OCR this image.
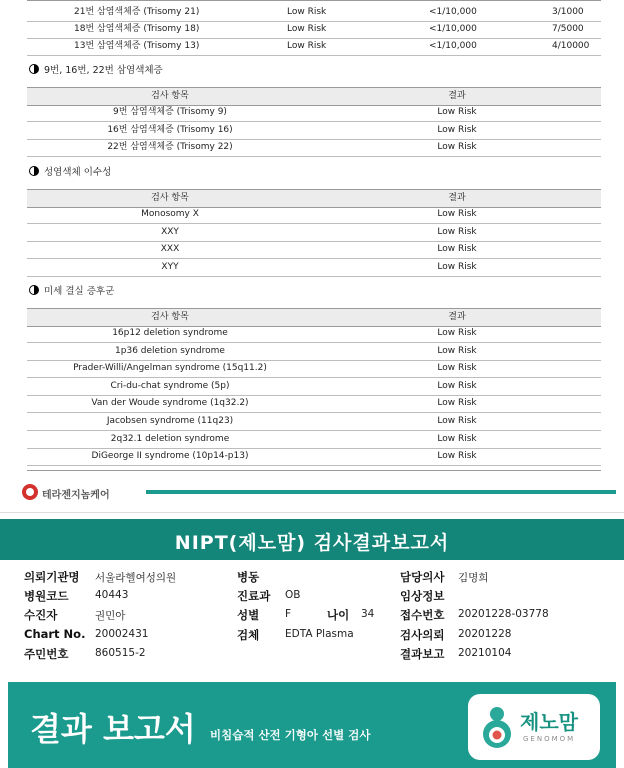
21번 삼염색체증 (Trisomy 21)	Low Risk	<1/10,000	3/1000
18번 삼염색체증 (Trisomy 18)	Low Risk	<1/10,000	7/5000
13번 삼염색체증 (Trisomy 13)	Low Risk	<1/10,000	4/10000
9번, 16번, 22번 삼염색체증
검사 항목	결과
9번 삼염색체증 (Trisomy 9)	Low Risk
16번 삼염색체증 (Trisomy 16)	Low Risk
22번 삼염색체증 (Trisomy 22)	Low Risk
성염색체 이수성
검사 항목	결과
Monosomy X	Low Risk
XXY	Low Risk
XXX	Low Risk
XYY	Low Risk
미세 결실 증후군
검사 항목	결과
16p12 deletion syndrome	Low Risk
1p36 deletion syndrome	Low Risk
Prader-Willi/Angelman syndrome (15q11.2)	Low Risk
Cri-du-chat syndrome (5p)	Low Risk
Van der Woude syndrome (1q32.2)	Low Risk
Jacobsen syndrome (11q23)	Low Risk
2q32.1 deletion syndrome	Low Risk
DiGeorge II syndrome (10p14-p13)	Low Risk
테라젠지놈케어
NIPT(제노맘) 검사결과보고서
의뢰기관명 서울라헬여성의원
병원코드	40443
수진자	권민아
Chart No. 20002431
주민번호	860515-2
병동
진료과 OB
성별 F
검체 EDTA Plasma
나이 34
담당의사 김명희
임상정보
접수번호 20201228-03778
검사의뢰 20201228
결과보고 20210104
결과 보고서 비침습적 산전 기형아 선별 검사
제노맘
GENOMOM
